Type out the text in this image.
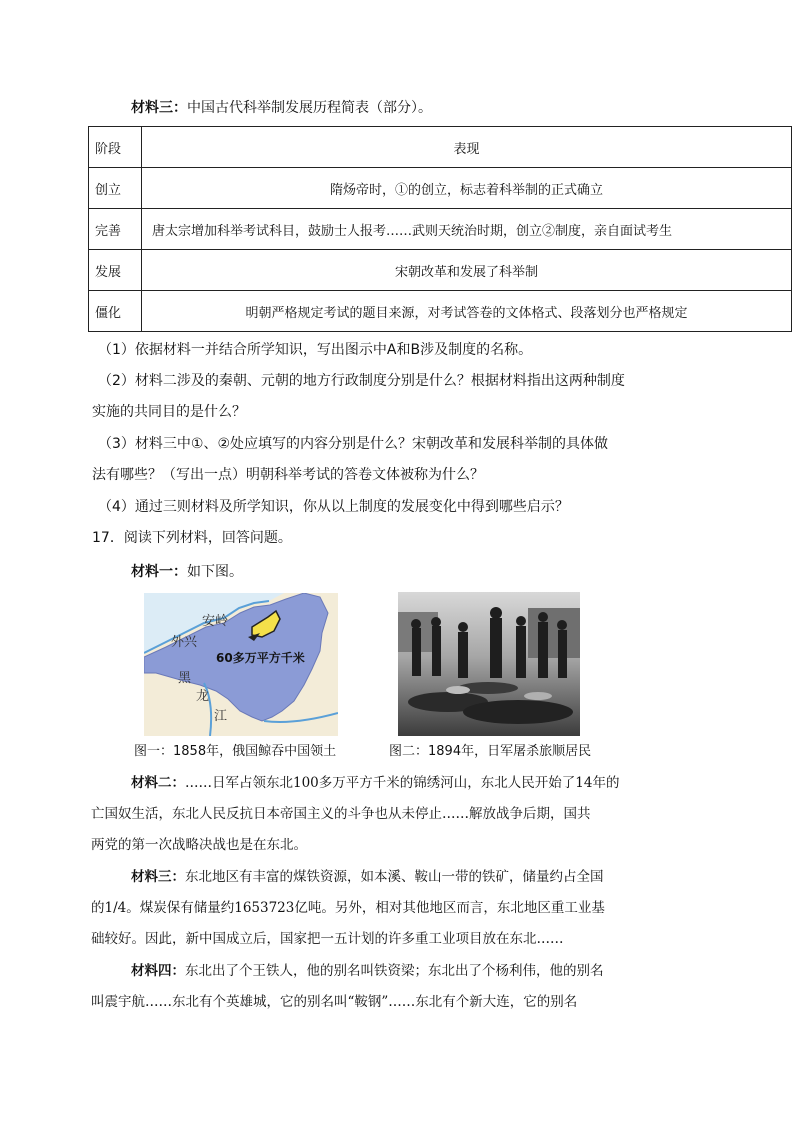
材料三：中国古代科举制发展历程简表（部分）。
阶段	表现
创立	隋炀帝时，①的创立，标志着科举制的正式确立
完善	唐太宗增加科举考试科目，鼓励士人报考……武则天统治时期，创立②制度，亲自面试考生
发展	宋朝改革和发展了科举制
僵化	明朝严格规定考试的题目来源，对考试答卷的文体格式、段落划分也严格规定
（1）依据材料一并结合所学知识，写出图示中A和B涉及制度的名称。
（2）材料二涉及的秦朝、元朝的地方行政制度分别是什么？根据材料指出这两种制度
实施的共同目的是什么？
（3）材料三中①、②处应填写的内容分别是什么？宋朝改革和发展科举制的具体做
法有哪些？（写出一点）明朝科举考试的答卷文体被称为什么？
（4）通过三则材料及所学知识，你从以上制度的发展变化中得到哪些启示？
17．阅读下列材料，回答问题。
材料一：如下图。
安岭
外兴
60多万平方千米
黑
龙
江
图一：1858年，俄国鲸吞中国领土	图二：1894年，日军屠杀旅顺居民
材料二：……日军占领东北100多万平方千米的锦绣河山，东北人民开始了14年的
亡国奴生活，东北人民反抗日本帝国主义的斗争也从未停止……解放战争后期，国共
两党的第一次战略决战也是在东北。
材料三：东北地区有丰富的煤铁资源，如本溪、鞍山一带的铁矿，储量约占全国
的1/4。煤炭保有储量约1653723亿吨。另外，相对其他地区而言，东北地区重工业基
础较好。因此，新中国成立后，国家把一五计划的许多重工业项目放在东北……
材料四：东北出了个王铁人，他的别名叫铁资梁；东北出了个杨利伟，他的别名
叫震宇航……东北有个英雄城，它的别名叫“鞍钢”……东北有个新大连，它的别名
